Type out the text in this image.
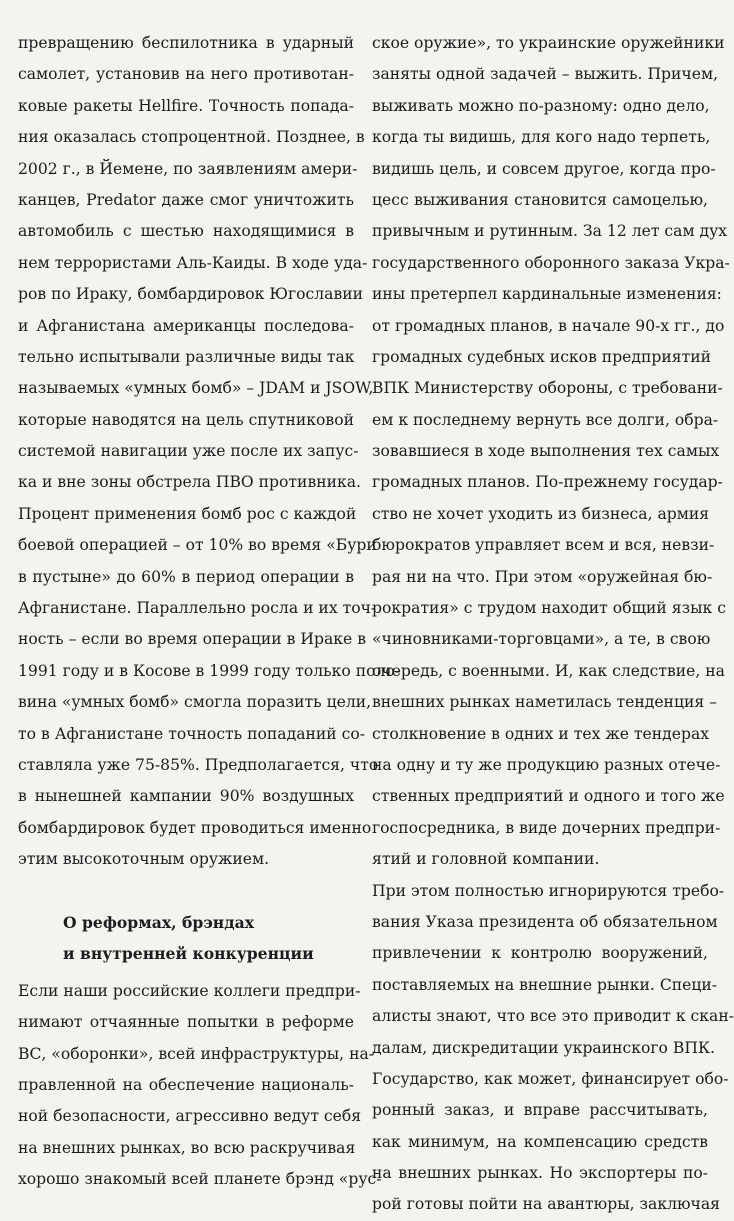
превращению беспилотника в ударный
самолет, установив на него противотан-
ковые ракеты Hellfire. Точность попада-
ния оказалась стопроцентной. Позднее, в
2002 г., в Йемене, по заявлениям амери-
канцев, Predator даже смог уничтожить
автомобиль с шестью находящимися в
нем террористами Аль-Каиды. В ходе уда-
ров по Ираку, бомбардировок Югославии
и Афганистана американцы последова-
тельно испытывали различные виды так
называемых «умных бомб» – JDAM и JSOW,
которые наводятся на цель спутниковой
системой навигации уже после их запус-
ка и вне зоны обстрела ПВО противника.
Процент применения бомб рос с каждой
боевой операцией – от 10% во время «Бури
в пустыне» до 60% в период операции в
Афганистане. Параллельно росла и их точ-
ность – если во время операции в Ираке в
1991 году и в Косове в 1999 году только поло-
вина «умных бомб» смогла поразить цели,
то в Афганистане точность попаданий со-
ставляла уже 75-85%. Предполагается, что
в нынешней кампании 90% воздушных
бомбардировок будет проводиться именно
этим высокоточным оружием.
О реформах, брэндах
и внутренней конкуренции
Если наши российские коллеги предпри-
нимают отчаянные попытки в реформе
ВС, «оборонки», всей инфраструктуры, на-
правленной на обеспечение националь-
ной безопасности, агрессивно ведут себя
на внешних рынках, во всю раскручивая
хорошо знакомый всей планете брэнд «рус-
ское оружие», то украинские оружейники
заняты одной задачей – выжить. Причем,
выживать можно по-разному: одно дело,
когда ты видишь, для кого надо терпеть,
видишь цель, и совсем другое, когда про-
цесс выживания становится самоцелью,
привычным и рутинным. За 12 лет сам дух
государственного оборонного заказа Укра-
ины претерпел кардинальные изменения:
от громадных планов, в начале 90-х гг., до
громадных судебных исков предприятий
ВПК Министерству обороны, с требовани-
ем к последнему вернуть все долги, обра-
зовавшиеся в ходе выполнения тех самых
громадных планов. По-прежнему государ-
ство не хочет уходить из бизнеса, армия
бюрократов управляет всем и вся, невзи-
рая ни на что. При этом «оружейная бю-
рократия» с трудом находит общий язык с
«чиновниками-торговцами», а те, в свою
очередь, с военными. И, как следствие, на
внешних рынках наметилась тенденция –
столкновение в одних и тех же тендерах
на одну и ту же продукцию разных отече-
ственных предприятий и одного и того же
госпосредника, в виде дочерних предпри-
ятий и головной компании.
При этом полностью игнорируются требо-
вания Указа президента об обязательном
привлечении к контролю вооружений,
поставляемых на внешние рынки. Специ-
алисты знают, что все это приводит к скан-
далам, дискредитации украинского ВПК.
Государство, как может, финансирует обо-
ронный заказ, и вправе рассчитывать,
как минимум, на компенсацию средств
на внешних рынках. Но экспортеры по-
рой готовы пойти на авантюры, заключая
